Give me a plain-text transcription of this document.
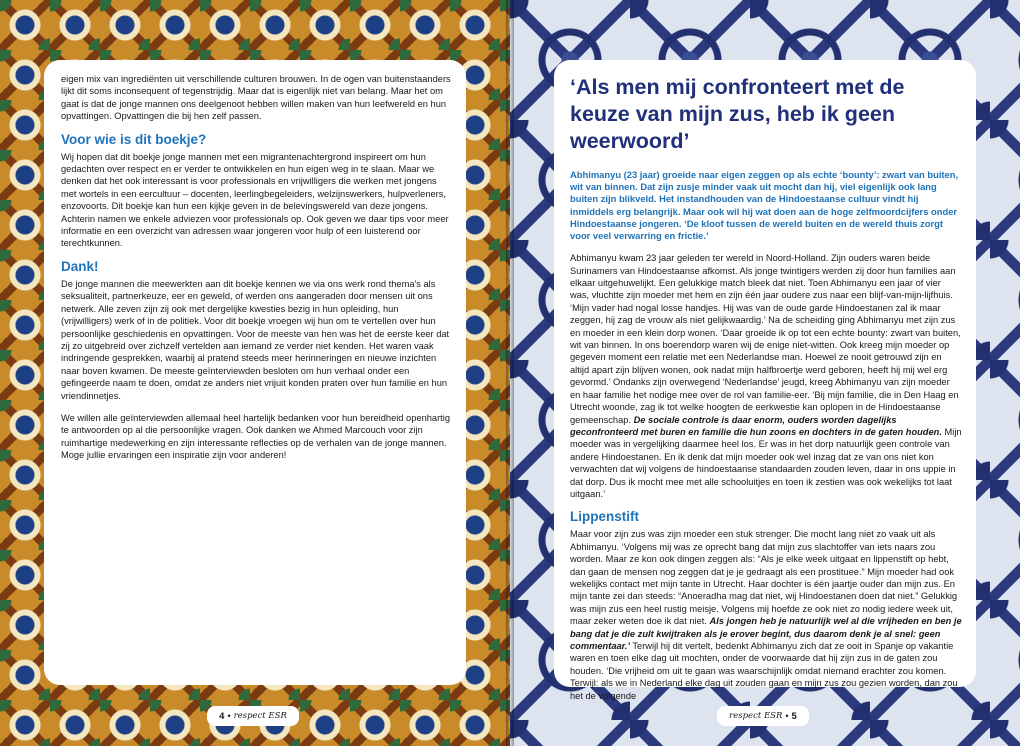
eigen mix van ingrediënten uit verschillende culturen brouwen. In de ogen van buitenstaanders lijkt dit soms inconsequent of tegenstrijdig. Maar dat is eigenlijk niet van belang. Maar het om gaat is dat de jonge mannen ons deelgenoot hebben willen maken van hun leefwereld en hun opvattingen. Opvattingen die bij hen zelf passen.

Voor wie is dit boekje?

Wij hopen dat dit boekje jonge mannen met een migrantenachtergrond inspireert om hun gedachten over respect en er verder te ontwikkelen en hun eigen weg in te slaan. Maar we denken dat het ook interessant is voor professionals en vrijwilligers die werken met jongens met wortels in een eercultuur – docenten, leerlingbegeleiders, welzijnswerkers, hulpverleners, enzovoorts. Dit boekje kan hun een kijkje geven in de belevingswereld van deze jongens. Achterin namen we enkele adviezen voor professionals op. Ook geven we daar tips voor meer informatie en een overzicht van adressen waar jongeren voor hulp of een luisterend oor terechtkunnen.

Dank!

De jonge mannen die meewerkten aan dit boekje kennen we via ons werk rond thema's als seksualiteit, partnerkeuze, eer en geweld, of werden ons aangeraden door mensen uit ons netwerk. Alle zeven zijn zij ook met dergelijke kwesties bezig in hun opleiding, hun (vrijwilligers) werk of in de politiek. Voor dit boekje vroegen wij hun om te vertellen over hun persoonlijke geschiedenis en opvattingen. Voor de meeste van hen was het de eerste keer dat zij zo uitgebreid over zichzelf vertelden aan iemand ze verder niet kenden. Het waren vaak indringende gesprekken, waarbij al pratend steeds meer herinneringen en nieuwe inzichten naar boven kwamen. De meeste geïnterviewden besloten om hun verhaal onder een gefingeerde naam te doen, omdat ze anders niet vrijuit konden praten over hun familie en hun vriendinnetjes.

We willen alle geïnterviewden allemaal heel hartelijk bedanken voor hun bereidheid openhartig te antwoorden op al die persoonlijke vragen. Ook danken we Ahmed Marcouch voor zijn ruimhartige medewerking en zijn interessante reflecties op de verhalen van de jonge mannen. Moge jullie ervaringen een inspiratie zijn voor anderen!

‘Als men mij confronteert met de keuze van mijn zus, heb ik geen weerwoord’

Abhimanyu (23 jaar) groeide naar eigen zeggen op als echte ‘bounty’: zwart van buiten, wit van binnen. Dat zijn zusje minder vaak uit mocht dan hij, viel eigenlijk ook lang buiten zijn blikveld. Het instandhouden van de Hindoestaanse cultuur vindt hij inmiddels erg belangrijk. Maar ook wil hij wat doen aan de hoge zelfmoordcijfers onder Hindoestaanse jongeren. ‘De kloof tussen de wereld buiten en de wereld thuis zorgt voor veel verwarring en frictie.’

Abhimanyu kwam 23 jaar geleden ter wereld in Noord-Holland. Zijn ouders waren beide Surinamers van Hindoestaanse afkomst. Als jonge twintigers werden zij door hun families aan elkaar uitgehuwelijkt. Een gelukkige match bleek dat niet. Toen Abhimanyu een jaar of vier was, vluchtte zijn moeder met hem en zijn één jaar oudere zus naar een blijf-van-mijn-lijfhuis. ‘Mijn vader had nogal losse handjes. Hij was van de oude garde Hindoestanen zal ik maar zeggen, hij zag de vrouw als niet gelijkwaardig.’ Na de scheiding ging Abhimanyu met zijn zus en moeder in een klein dorp wonen. ‘Daar groeide ik op tot een echte bounty: zwart van buiten, wit van binnen. In ons boerendorp waren wij de enige niet-witten. Ook kreeg mijn moeder op gegeven moment een relatie met een Nederlandse man. Hoewel ze nooit getrouwd zijn en altijd apart zijn blijven wonen, ook nadat mijn halfbroertje werd geboren, heeft hij mij wel erg gevormd.’ Ondanks zijn overwegend ‘Nederlandse’ jeugd, kreeg Abhimanyu van zijn moeder en haar familie het nodige mee over de rol van familie-eer. ‘Bij mijn familie, die in Den Haag en Utrecht woonde, zag ik tot welke hoogten de eerkwestie kan oplopen in de Hindoestaanse gemeenschap. De sociale controle is daar enorm, ouders worden dagelijks geconfronteerd met buren en familie die hun zoons en dochters in de gaten houden. Mijn moeder was in vergelijking daarmee heel los. Er was in het dorp natuurlijk geen controle van andere Hindoestanen. En ik denk dat mijn moeder ook wel inzag dat ze van ons niet kon verwachten dat wij volgens de hindoestaanse standaarden zouden leven, daar in ons uppie in dat dorp. Dus ik mocht mee met alle schooluitjes en toen ik zestien was ook wekelijks tot laat uitgaan.’

Lippenstift

Maar voor zijn zus was zijn moeder een stuk strenger. Die mocht lang niet zo vaak uit als Abhimanyu. ‘Volgens mij was ze oprecht bang dat mijn zus slachtoffer van iets naars zou worden. Maar ze kon ook dingen zeggen als: “Als je elke week uitgaat en lippenstift op hebt, dan gaan de mensen nog zeggen dat je je gedraagt als een prostituee.” Mijn moeder had ook wekelijks contact met mijn tante in Utrecht. Haar dochter is één jaartje ouder dan mijn zus. En mijn tante zei dan steeds: “Anoeradha mag dat niet, wij Hindoestanen doen dat niet.” Gelukkig was mijn zus een heel rustig meisje. Volgens mij hoefde ze ook niet zo nodig iedere week uit, maar zeker weten doe ik dat niet. Als jongen heb je natuurlijk wel al die vrijheden en ben je bang dat je die zult kwijtraken als je erover begint, dus daarom denk je al snel: geen commentaar.’ Terwijl hij dit vertelt, bedenkt Abhimanyu zich dat ze ooit in Spanje op vakantie waren en toen elke dag uit mochten, onder de voorwaarde dat hij zijn zus in de gaten zou houden. ‘Die vrijheid om uit te gaan was waarschijnlijk omdat niemand erachter zou komen. Terwijl: als we in Nederland elke dag uit zouden gaan en mijn zus zou gezien worden, dan zou het de volgende

4 • respect ESR	respect ESR • 5
